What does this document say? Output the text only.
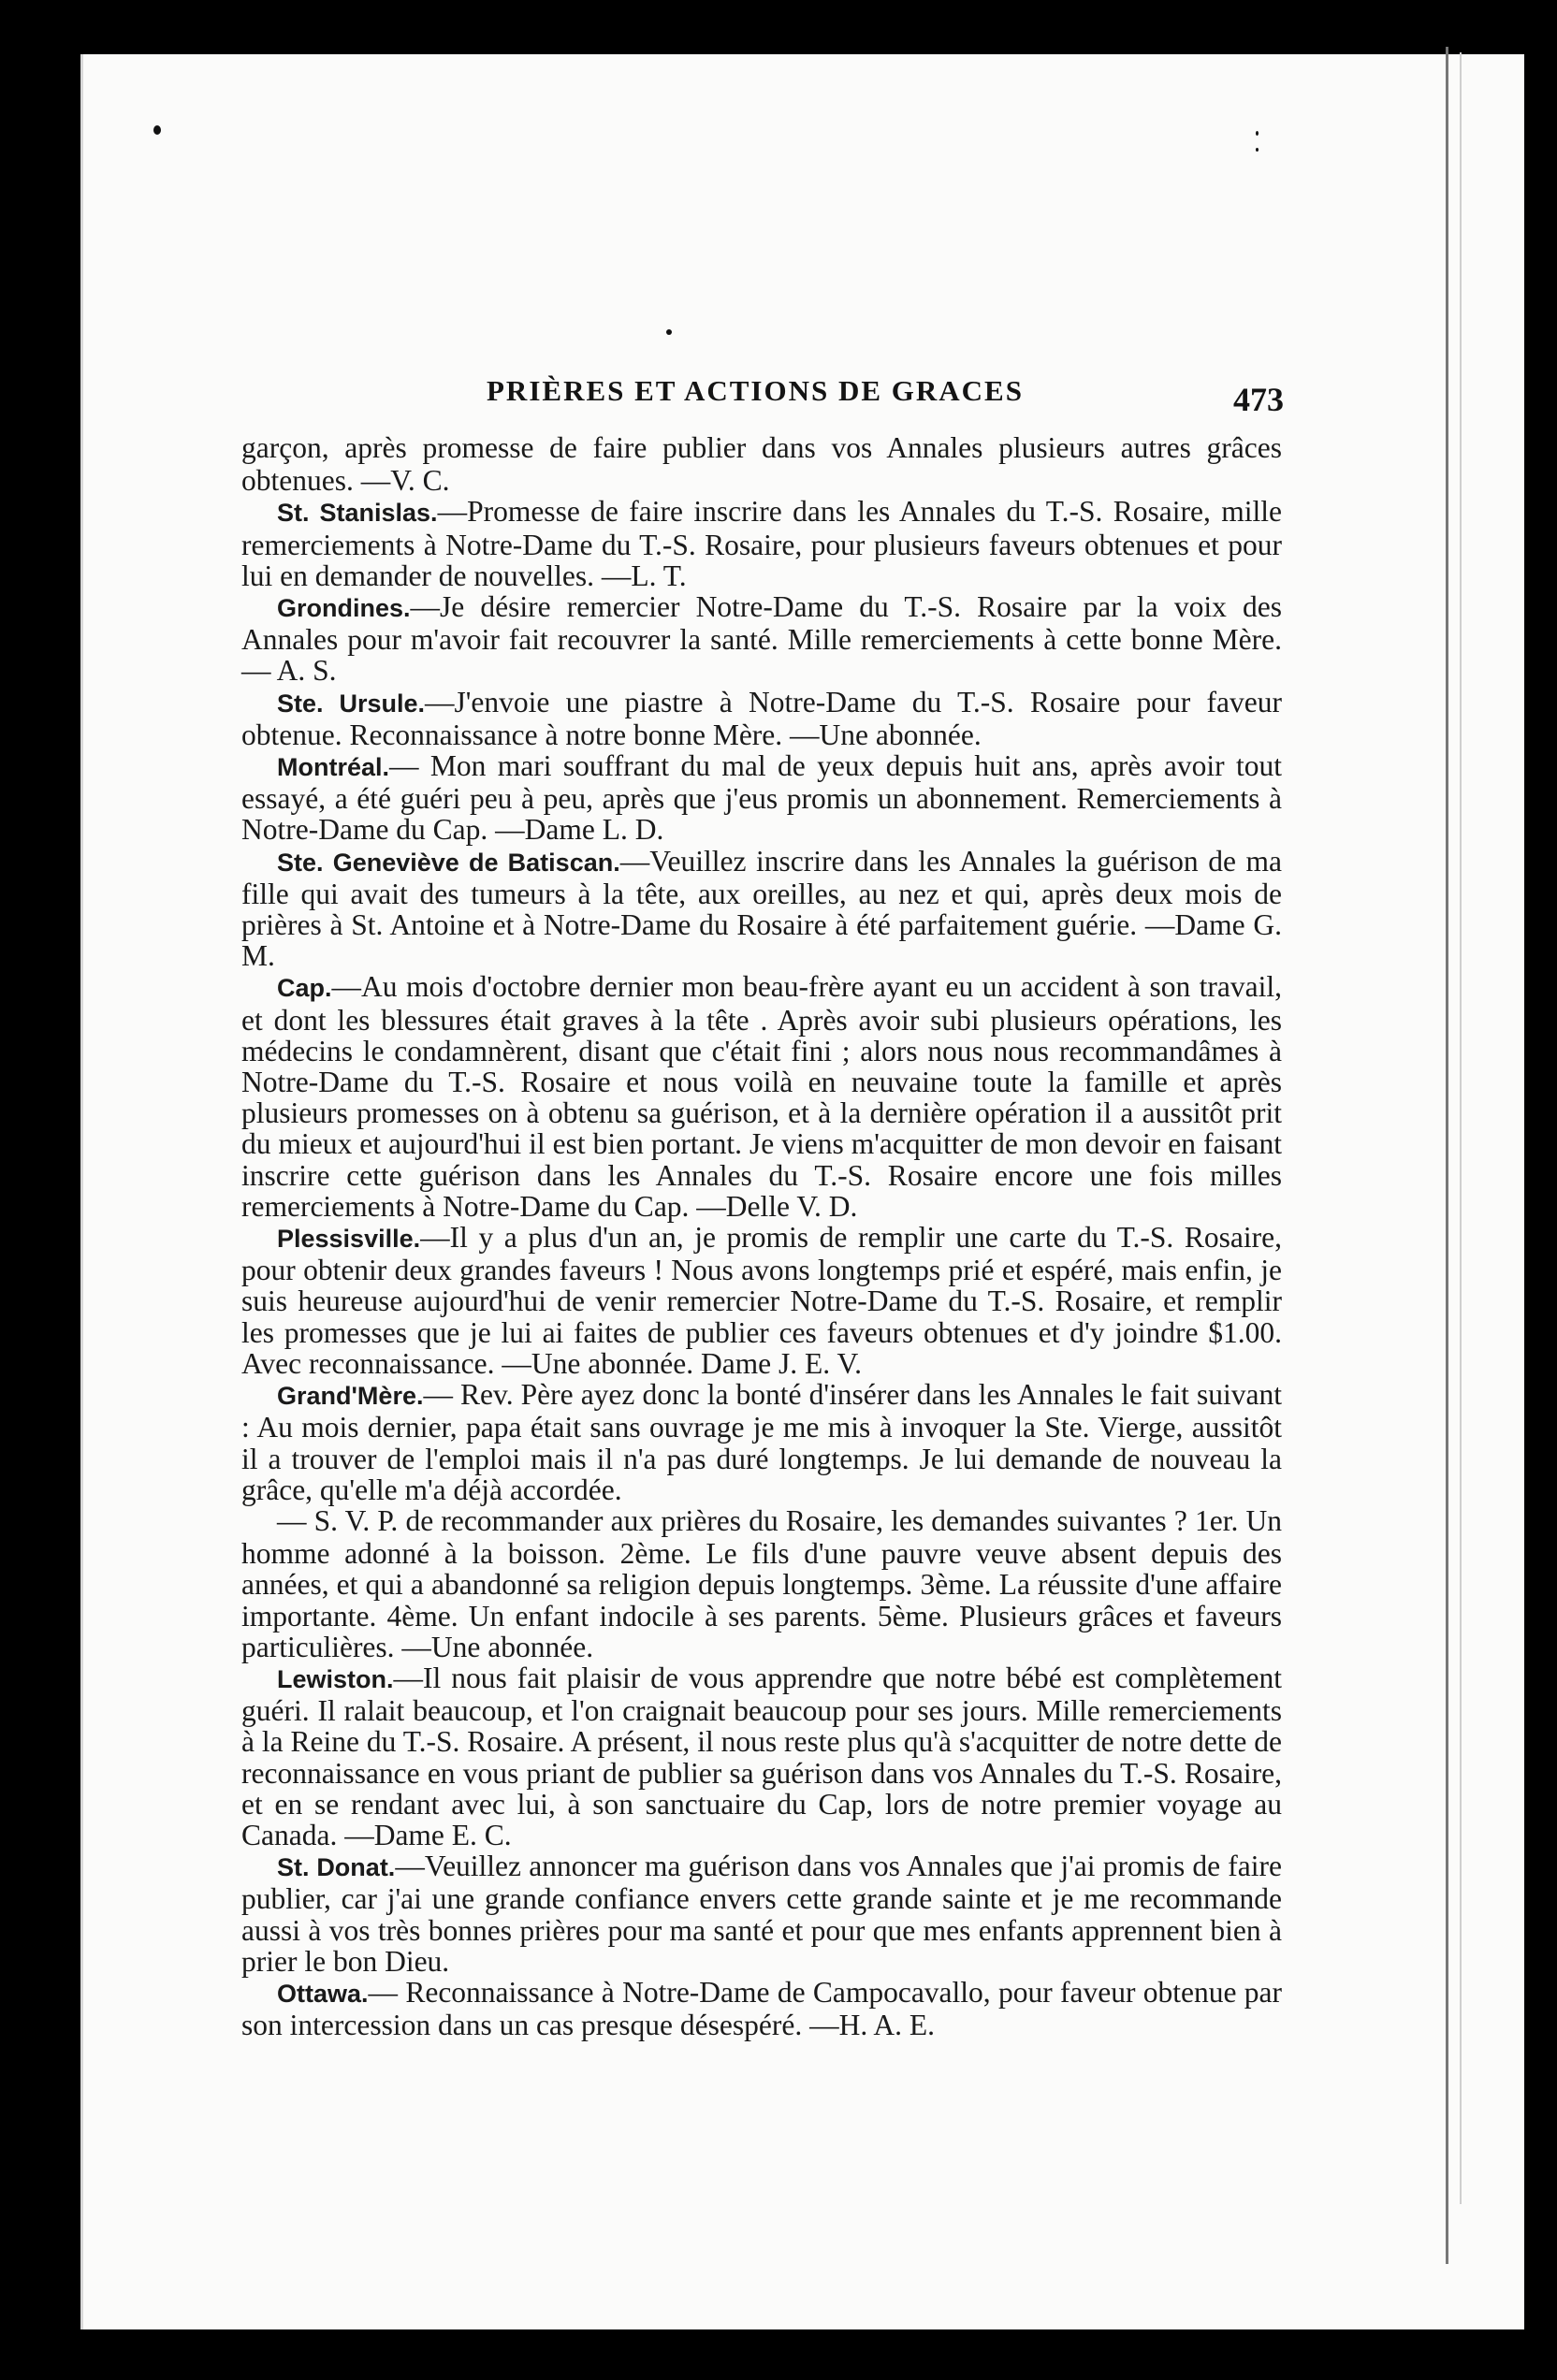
PRIÈRES ET ACTIONS DE GRACES	473

garçon, après promesse de faire publier dans vos Annales plusieurs autres grâces obtenues. —V. C.

St. Stanislas.—Promesse de faire inscrire dans les Annales du T.-S. Rosaire, mille remerciements à Notre-Dame du T.-S. Rosaire, pour plusieurs faveurs obtenues et pour lui en demander de nouvelles. —L. T.

Grondines.—Je désire remercier Notre-Dame du T.-S. Rosaire par la voix des Annales pour m'avoir fait recouvrer la santé. Mille remerciements à cette bonne Mère. — A. S.

Ste. Ursule.—J'envoie une piastre à Notre-Dame du T.-S. Rosaire pour faveur obtenue. Reconnaissance à notre bonne Mère. —Une abonnée.

Montréal.— Mon mari souffrant du mal de yeux depuis huit ans, après avoir tout essayé, a été guéri peu à peu, après que j'eus promis un abonnement. Remerciements à Notre-Dame du Cap. —Dame L. D.

Ste. Geneviève de Batiscan.—Veuillez inscrire dans les Annales la guérison de ma fille qui avait des tumeurs à la tête, aux oreilles, au nez et qui, après deux mois de prières à St. Antoine et à Notre-Dame du Rosaire à été parfaitement guérie. —Dame G. M.

Cap.—Au mois d'octobre dernier mon beau-frère ayant eu un accident à son travail, et dont les blessures était graves à la tête . Après avoir subi plusieurs opérations, les médecins le condamnèrent, disant que c'était fini ; alors nous nous recommandâmes à Notre-Dame du T.-S. Rosaire et nous voilà en neuvaine toute la famille et après plusieurs promesses on à obtenu sa guérison, et à la dernière opération il a aussitôt prit du mieux et aujourd'hui il est bien portant. Je viens m'acquitter de mon devoir en faisant inscrire cette guérison dans les Annales du T.-S. Rosaire encore une fois milles remerciements à Notre-Dame du Cap. —Delle V. D.

Plessisville.—Il y a plus d'un an, je promis de remplir une carte du T.-S. Rosaire, pour obtenir deux grandes faveurs ! Nous avons longtemps prié et espéré, mais enfin, je suis heureuse aujourd'hui de venir remercier Notre-Dame du T.-S. Rosaire, et remplir les promesses que je lui ai faites de publier ces faveurs obtenues et d'y joindre $1.00. Avec reconnaissance. —Une abonnée. Dame J. E. V.

Grand'Mère.— Rev. Père ayez donc la bonté d'insérer dans les Annales le fait suivant : Au mois dernier, papa était sans ouvrage je me mis à invoquer la Ste. Vierge, aussitôt il a trouver de l'emploi mais il n'a pas duré longtemps. Je lui demande de nouveau la grâce, qu'elle m'a déjà accordée.

— S. V. P. de recommander aux prières du Rosaire, les demandes suivantes ? 1er. Un homme adonné à la boisson. 2ème. Le fils d'une pauvre veuve absent depuis des années, et qui a abandonné sa religion depuis longtemps. 3ème. La réussite d'une affaire importante. 4ème. Un enfant indocile à ses parents. 5ème. Plusieurs grâces et faveurs particulières. —Une abonnée.

Lewiston.—Il nous fait plaisir de vous apprendre que notre bébé est complètement guéri. Il ralait beaucoup, et l'on craignait beaucoup pour ses jours. Mille remerciements à la Reine du T.-S. Rosaire. A présent, il nous reste plus qu'à s'acquitter de notre dette de reconnaissance en vous priant de publier sa guérison dans vos Annales du T.-S. Rosaire, et en se rendant avec lui, à son sanctuaire du Cap, lors de notre premier voyage au Canada. —Dame E. C.

St. Donat.—Veuillez annoncer ma guérison dans vos Annales que j'ai promis de faire publier, car j'ai une grande confiance envers cette grande sainte et je me recommande aussi à vos très bonnes prières pour ma santé et pour que mes enfants apprennent bien à prier le bon Dieu.

Ottawa.— Reconnaissance à Notre-Dame de Campocavallo, pour faveur obtenue par son intercession dans un cas presque désespéré. —H. A. E.
